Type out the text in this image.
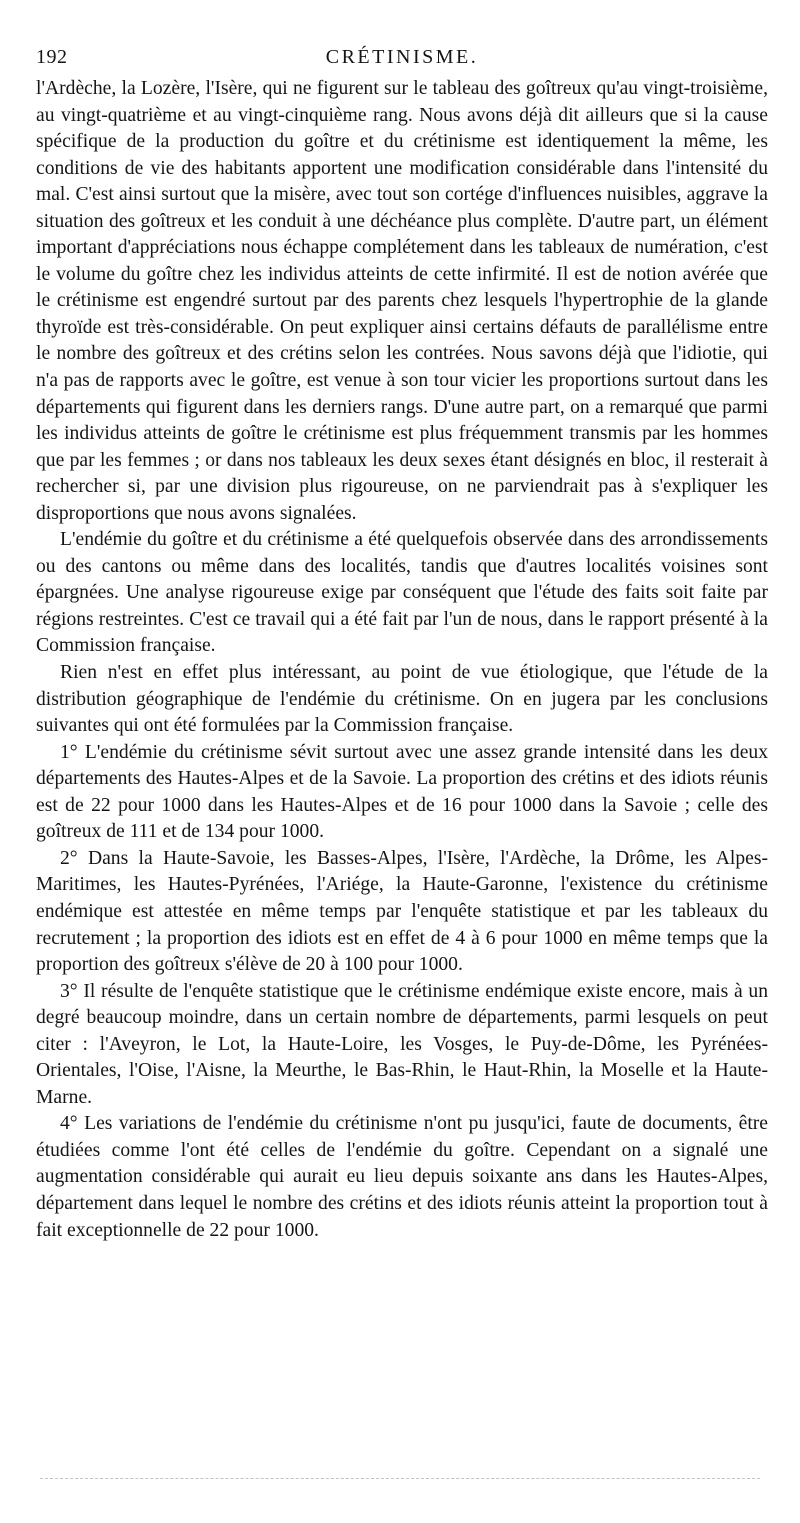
192	CRÉTINISME.

l'Ardèche, la Lozère, l'Isère, qui ne figurent sur le tableau des goîtreux qu'au vingt-troisième, au vingt-quatrième et au vingt-cinquième rang. Nous avons déjà dit ailleurs que si la cause spécifique de la production du goître et du crétinisme est identiquement la même, les conditions de vie des habitants apportent une modification considérable dans l'intensité du mal. C'est ainsi surtout que la misère, avec tout son cortége d'influences nuisibles, aggrave la situation des goîtreux et les conduit à une déchéance plus complète. D'autre part, un élément important d'appréciations nous échappe complétement dans les tableaux de numération, c'est le volume du goître chez les individus atteints de cette infirmité. Il est de notion avérée que le crétinisme est engendré surtout par des parents chez lesquels l'hypertrophie de la glande thyroïde est très-considérable. On peut expliquer ainsi certains défauts de parallélisme entre le nombre des goîtreux et des crétins selon les contrées. Nous savons déjà que l'idiotie, qui n'a pas de rapports avec le goître, est venue à son tour vicier les proportions surtout dans les départements qui figurent dans les derniers rangs. D'une autre part, on a remarqué que parmi les individus atteints de goître le crétinisme est plus fréquemment transmis par les hommes que par les femmes ; or dans nos tableaux les deux sexes étant désignés en bloc, il resterait à rechercher si, par une division plus rigoureuse, on ne parviendrait pas à s'expliquer les disproportions que nous avons signalées.

L'endémie du goître et du crétinisme a été quelquefois observée dans des arrondissements ou des cantons ou même dans des localités, tandis que d'autres localités voisines sont épargnées. Une analyse rigoureuse exige par conséquent que l'étude des faits soit faite par régions restreintes. C'est ce travail qui a été fait par l'un de nous, dans le rapport présenté à la Commission française.

Rien n'est en effet plus intéressant, au point de vue étiologique, que l'étude de la distribution géographique de l'endémie du crétinisme. On en jugera par les conclusions suivantes qui ont été formulées par la Commission française.

1° L'endémie du crétinisme sévit surtout avec une assez grande intensité dans les deux départements des Hautes-Alpes et de la Savoie. La proportion des crétins et des idiots réunis est de 22 pour 1000 dans les Hautes-Alpes et de 16 pour 1000 dans la Savoie ; celle des goîtreux de 111 et de 134 pour 1000.

2° Dans la Haute-Savoie, les Basses-Alpes, l'Isère, l'Ardèche, la Drôme, les Alpes-Maritimes, les Hautes-Pyrénées, l'Ariége, la Haute-Garonne, l'existence du crétinisme endémique est attestée en même temps par l'enquête statistique et par les tableaux du recrutement ; la proportion des idiots est en effet de 4 à 6 pour 1000 en même temps que la proportion des goîtreux s'élève de 20 à 100 pour 1000.

3° Il résulte de l'enquête statistique que le crétinisme endémique existe encore, mais à un degré beaucoup moindre, dans un certain nombre de départements, parmi lesquels on peut citer : l'Aveyron, le Lot, la Haute-Loire, les Vosges, le Puy-de-Dôme, les Pyrénées-Orientales, l'Oise, l'Aisne, la Meurthe, le Bas-Rhin, le Haut-Rhin, la Moselle et la Haute-Marne.

4° Les variations de l'endémie du crétinisme n'ont pu jusqu'ici, faute de documents, être étudiées comme l'ont été celles de l'endémie du goître. Cependant on a signalé une augmentation considérable qui aurait eu lieu depuis soixante ans dans les Hautes-Alpes, département dans lequel le nombre des crétins et des idiots réunis atteint la proportion tout à fait exceptionnelle de 22 pour 1000.
